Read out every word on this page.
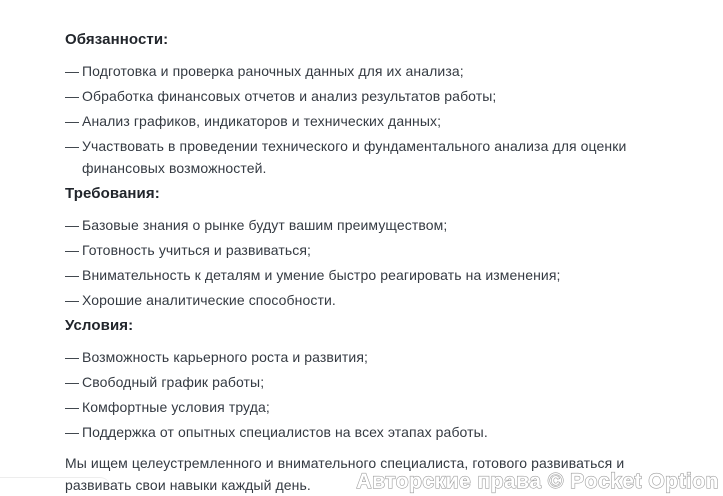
Обязанности:
— Подготовка и проверка раночных данных для их анализа;
— Обработка финансовых отчетов и анализ результатов работы;
— Анализ графиков, индикаторов и технических данных;
— Участвовать в проведении технического и фундаментального анализа для оценки финансовых возможностей.
Требования:
— Базовые знания о рынке будут вашим преимуществом;
— Готовность учиться и развиваться;
— Внимательность к деталям и умение быстро реагировать на изменения;
— Хорошие аналитические способности.
Условия:
— Возможность карьерного роста и развития;
— Свободный график работы;
— Комфортные условия труда;
— Поддержка от опытных специалистов на всех этапах работы.

Мы ищем целеустремленного и внимательного специалиста, готового развиваться и развивать свои навыки каждый день.	Авторские права © Pocket Option
